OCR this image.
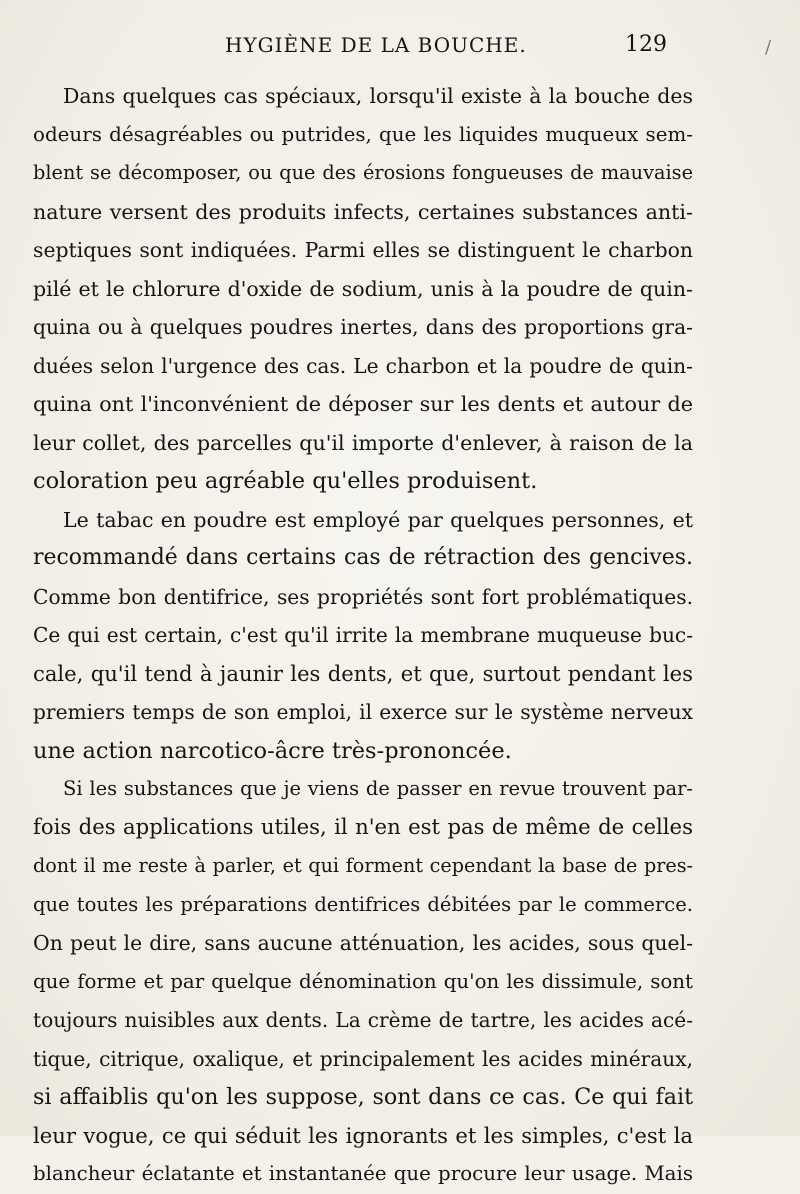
HYGIÈNE DE LA BOUCHE.	129	/
Dans quelques cas spéciaux, lorsqu'il existe à la bouche des
odeurs désagréables ou putrides, que les liquides muqueux sem-
blent se décomposer, ou que des érosions fongueuses de mauvaise
nature versent des produits infects, certaines substances anti-
septiques sont indiquées. Parmi elles se distinguent le charbon
pilé et le chlorure d'oxide de sodium, unis à la poudre de quin-
quina ou à quelques poudres inertes, dans des proportions gra-
duées selon l'urgence des cas. Le charbon et la poudre de quin-
quina ont l'inconvénient de déposer sur les dents et autour de
leur collet, des parcelles qu'il importe d'enlever, à raison de la
coloration peu agréable qu'elles produisent.
Le tabac en poudre est employé par quelques personnes, et
recommandé dans certains cas de rétraction des gencives.
Comme bon dentifrice, ses propriétés sont fort problématiques.
Ce qui est certain, c'est qu'il irrite la membrane muqueuse buc-
cale, qu'il tend à jaunir les dents, et que, surtout pendant les
premiers temps de son emploi, il exerce sur le système nerveux
une action narcotico-âcre très-prononcée.
Si les substances que je viens de passer en revue trouvent par-
fois des applications utiles, il n'en est pas de même de celles
dont il me reste à parler, et qui forment cependant la base de pres-
que toutes les préparations dentifrices débitées par le commerce.
On peut le dire, sans aucune atténuation, les acides, sous quel-
que forme et par quelque dénomination qu'on les dissimule, sont
toujours nuisibles aux dents. La crème de tartre, les acides acé-
tique, citrique, oxalique, et principalement les acides minéraux,
si affaiblis qu'on les suppose, sont dans ce cas. Ce qui fait
leur vogue, ce qui séduit les ignorants et les simples, c'est la
blancheur éclatante et instantanée que procure leur usage. Mais
